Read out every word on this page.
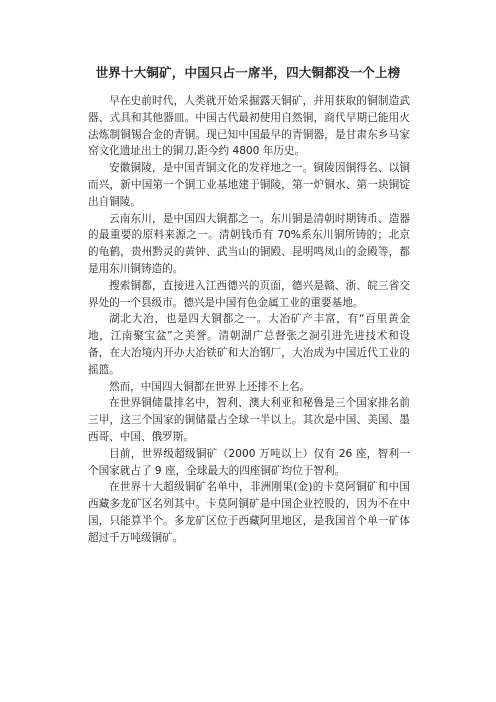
世界十大铜矿，中国只占一席半，四大铜都没一个上榜

早在史前时代，人类就开始采掘露天铜矿，并用获取的铜制造武器、式具和其他器皿。中国古代最初使用自然铜，商代早期已能用火法炼制铜锡合金的青铜。现已知中国最早的青铜器，是甘肃东乡马家窑文化遗址出土的铜刀,距今约 4800 年历史。

安徽铜陵，是中国青铜文化的发祥地之一。铜陵因铜得名、以铜而兴，新中国第一个铜工业基地建于铜陵，第一炉铜水、第一块铜锭出自铜陵。

云南东川，是中国四大铜都之一。东川铜是清朝时期铸币、造器的最重要的原料来源之一。清朝钱币有 70%系东川铜所铸的；北京的龟鹤，贵州黔灵的黄钟、武当山的铜殿、昆明鸣凤山的金殿等，都是用东川铜铸造的。

搜索铜都，直接进入江西德兴的页面，德兴是赣、浙、皖三省交界处的一个县级市。德兴是中国有色金属工业的重要基地。

湖北大冶，也是四大铜都之一。大冶矿产丰富，有“百里黄金地，江南聚宝盆”之美誉。清朝湖广总督张之洞引进先进技术和设备，在大冶境内开办大冶铁矿和大冶钢厂，大冶成为中国近代工业的摇篮。

然而，中国四大铜都在世界上还排不上名。

在世界铜储量排名中，智利、澳大利亚和秘鲁是三个国家排名前三甲，这三个国家的铜储量占全球一半以上。其次是中国、美国、墨西哥、中国、俄罗斯。

目前，世界级超级铜矿（2000 万吨以上）仅有 26 座，智利一个国家就占了 9 座，全球最大的四座铜矿均位于智利。

在世界十大超级铜矿名单中，非洲刚果(金)的卡莫阿铜矿和中国西藏多龙矿区名列其中。卡莫阿铜矿是中国企业控股的，因为不在中国，只能算半个。多龙矿区位于西藏阿里地区，是我国首个单一矿体超过千万吨级铜矿。
